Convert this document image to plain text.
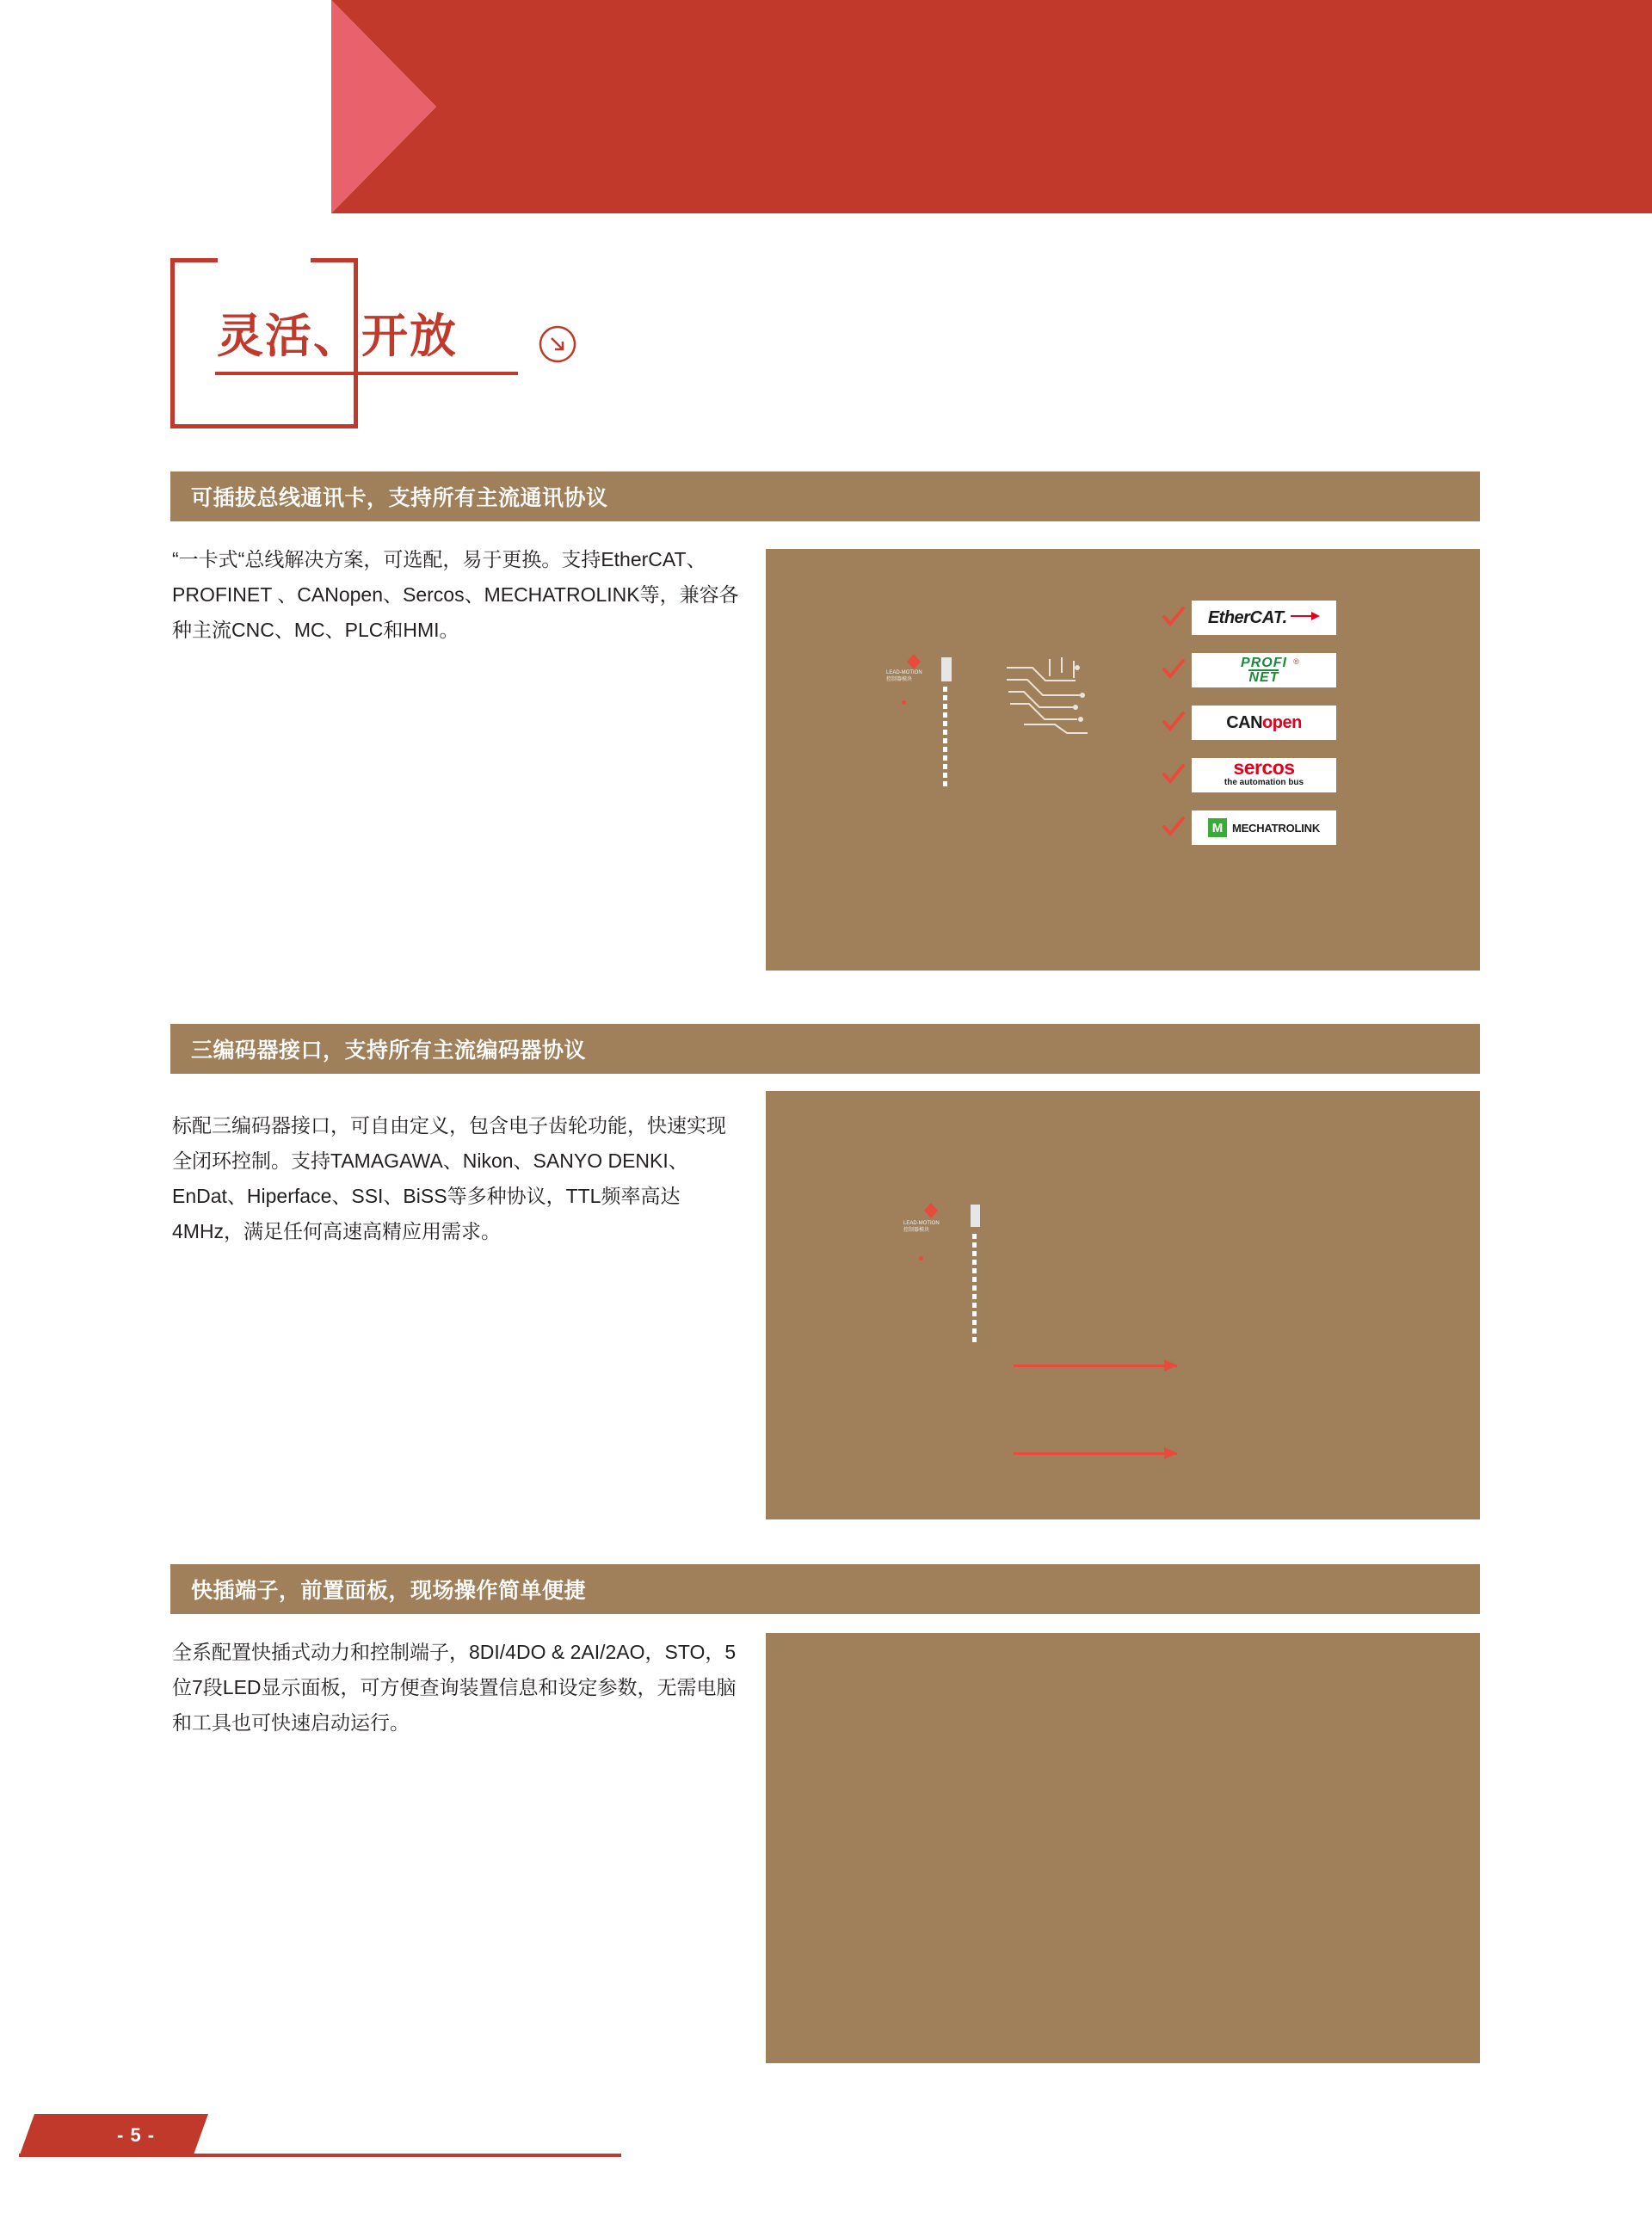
灵活、开放
可插拔总线通讯卡，支持所有主流通讯协议
“一卡式“总线解决方案，可选配，易于更换。支持EtherCAT、PROFINET 、CANopen、Sercos、MECHATROLINK等，兼容各种主流CNC、MC、PLC和HMI。
LEAD-MOTION
控制器模块
EtherCAT.
PROFI
NET
®
CANopen
sercos
the automation bus
M MECHATROLINK
三编码器接口，支持所有主流编码器协议
标配三编码器接口，可自由定义，包含电子齿轮功能，快速实现全闭环控制。支持TAMAGAWA、Nikon、SANYO DENKI、EnDat、Hiperface、SSI、BiSS等多种协议，TTL频率高达4MHz，满足任何高速高精应用需求。	LEAD-MOTION
控制器模块
快插端子，前置面板，现场操作简单便捷
全系配置快插式动力和控制端子，8DI/4DO & 2AI/2AO，STO，5位7段LED显示面板，可方便查询装置信息和设定参数，无需电脑和工具也可快速启动运行。
- 5 -
